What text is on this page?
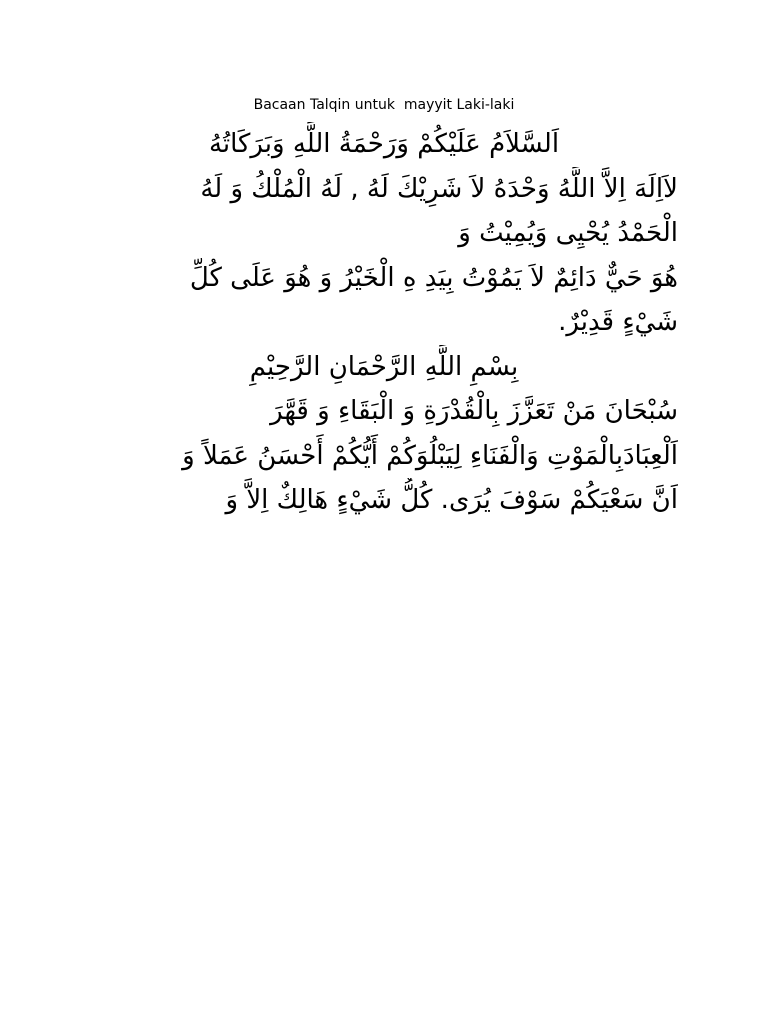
Bacaan Talqin untuk  mayyit Laki-laki
اَلسَّلاَمُ عَلَيْكُمْ وَرَحْمَةُ اللَّهِ وَبَرَكَاتُهُ
لاَاِلَهَ اِلاَّ اللَّهُ وَحْدَهُ لاَ شَرِيْكَ لَهُ , لَهُ الْمُلْكُ وَ لَهُ
الْحَمْدُ يُحْيِى وَيُمِيْتُ وَ
هُوَ حَيٌّ دَائِمٌ لاَ يَمُوْتُ بِيَدِ هِ الْخَيْرُ وَ هُوَ عَلَى كُلِّ
شَيْءٍ قَدِيْرٌ.
بِسْمِ اللَّهِ الرَّحْمَانِ الرَّحِيْمِ
سُبْحَانَ مَنْ تَعَزَّزَ بِالْقُدْرَةِ وَ الْبَقَاءِ وَ قَهَّرَ
اَلْعِبَادَبِالْمَوْتِ وَالْفَنَاءِ لِيَبْلُوَكُمْ أَيُّكُمْ أَحْسَنُ عَمَلاً وَ
اَنَّ سَعْيَكُمْ سَوْفَ يُرَى. كُلُّ شَيْءٍ هَالِكٌ اِلاَّ وَ
